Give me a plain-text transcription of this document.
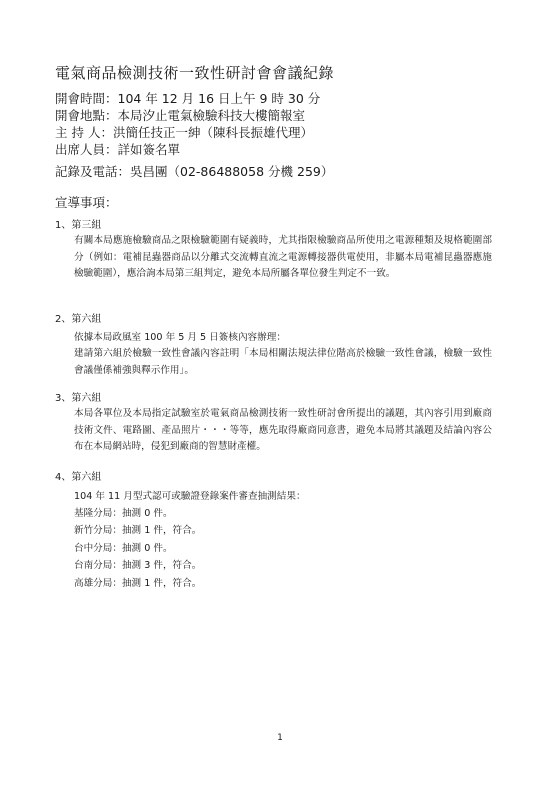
電氣商品檢測技術一致性研討會會議紀錄
開會時間：104 年 12 月 16 日上午 9 時 30 分
開會地點：本局汐止電氣檢驗科技大樓簡報室
主 持 人：洪簡任技正一紳（陳科長振雄代理）
出席人員：詳如簽名單
記錄及電話：吳昌團（02-86488058 分機 259）
宣導事項：
1、第三組
有關本局應施檢驗商品之限檢驗範圍有疑義時，尤其指限檢驗商品所使用之電源種類及規格範圍部分（例如：電補昆蟲器商品以分離式交流轉直流之電源轉接器供電使用，非屬本局電補昆蟲器應施檢驗範圍），應洽詢本局第三組判定，避免本局所屬各單位發生判定不一致。
2、第六組
依據本局政風室 100 年 5 月 5 日簽核內容辦理：
建請第六組於檢驗一致性會議內容註明「本局相關法規法律位階高於檢驗一致性會議，檢驗一致性會議僅係補強與釋示作用」。
3、第六組
本局各單位及本局指定試驗室於電氣商品檢測技術一致性研討會所提出的議題，其內容引用到廠商技術文件、電路圖、產品照片・・・等等，應先取得廠商同意書，避免本局將其議題及結論內容公布在本局網站時，侵犯到廠商的智慧財產權。
4、第六組
104 年 11 月型式認可或驗證登錄案件審查抽測結果：
基隆分局：抽測 0 件。
新竹分局：抽測 1 件，符合。
台中分局：抽測 0 件。
台南分局：抽測 3 件，符合。
高雄分局：抽測 1 件，符合。
1
